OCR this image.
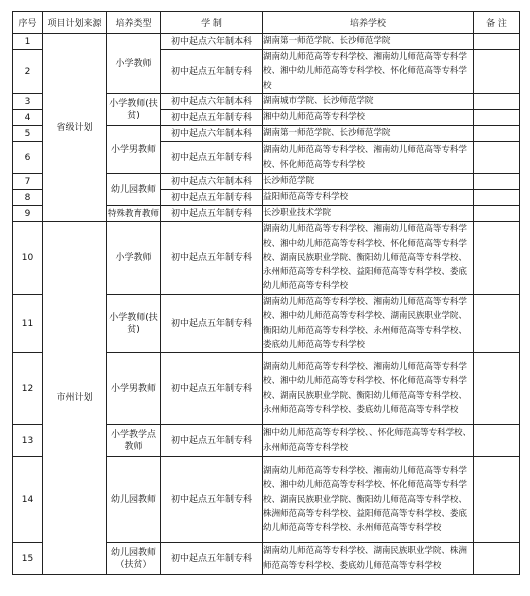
序号	项目计划来源	培养类型	学 制	培养学校	备 注
1	省级计划	小学教师	初中起点六年制本科	湖南第一师范学院、长沙师范学院	
2			初中起点五年制专科	湖南幼儿师范高等专科学校、湘南幼儿师范高等专科学校、湘中幼儿师范高等专科学校、怀化师范高等专科学校	
3		小学教师(扶贫)	初中起点六年制本科	湖南城市学院、长沙师范学院	
4			初中起点五年制专科	湘中幼儿师范高等专科学校	
5		小学男教师	初中起点六年制本科	湖南第一师范学院、长沙师范学院	
6			初中起点五年制专科	湖南幼儿师范高等专科学校、湘南幼儿师范高等专科学校、怀化师范高等专科学校	
7		幼儿园教师	初中起点六年制本科	长沙师范学院	
8			初中起点五年制专科	益阳师范高等专科学校	
9		特殊教育教师	初中起点五年制专科	长沙职业技术学院	
10	市州计划	小学教师	初中起点五年制专科	湖南幼儿师范高等专科学校、湘南幼儿师范高等专科学校、湘中幼儿师范高等专科学校、怀化师范高等专科学校、湖南民族职业学院、衡阳幼儿师范高等专科学校、永州师范高等专科学校、益阳师范高等专科学校、娄底幼儿师范高等专科学校	
11		小学教师(扶贫)	初中起点五年制专科	湖南幼儿师范高等专科学校、湘南幼儿师范高等专科学校、湘中幼儿师范高等专科学校、湖南民族职业学院、衡阳幼儿师范高等专科学校、永州师范高等专科学校、娄底幼儿师范高等专科学校	
12		小学男教师	初中起点五年制专科	湖南幼儿师范高等专科学校、湘南幼儿师范高等专科学校、湘中幼儿师范高等专科学校、怀化师范高等专科学校、湖南民族职业学院、衡阳幼儿师范高等专科学校、永州师范高等专科学校、娄底幼儿师范高等专科学校	
13		小学教学点教师	初中起点五年制专科	湘中幼儿师范高等专科学校、、怀化师范高等专科学校、永州师范高等专科学校	
14		幼儿园教师	初中起点五年制专科	湖南幼儿师范高等专科学校、湘南幼儿师范高等专科学校、湘中幼儿师范高等专科学校、怀化师范高等专科学校、湖南民族职业学院、衡阳幼儿师范高等专科学校、株洲师范高等专科学校、益阳师范高等专科学校、娄底幼儿师范高等专科学校、永州师范高等专科学校	
15		幼儿园教师（扶贫）	初中起点五年制专科	湖南幼儿师范高等专科学校、湖南民族职业学院、株洲师范高等专科学校、娄底幼儿师范高等专科学校	
